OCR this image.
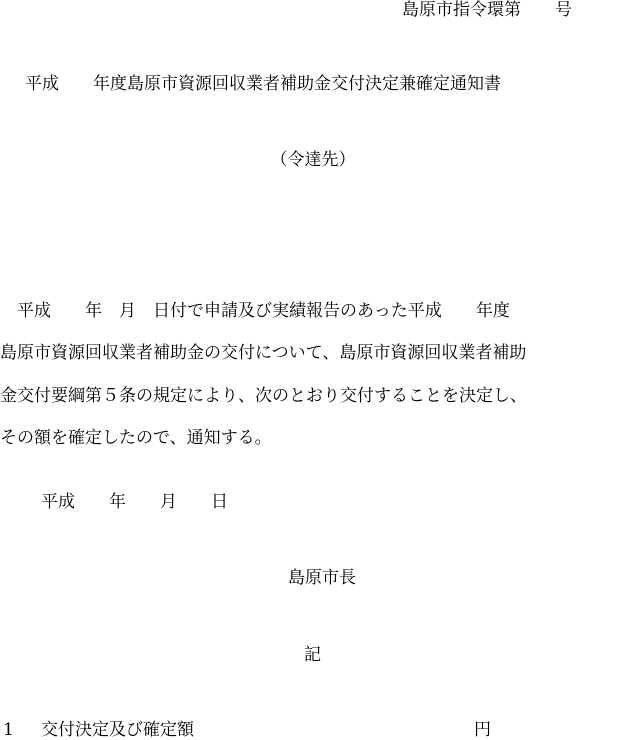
島原市指令環第　　号
平成　　年度島原市資源回収業者補助金交付決定兼確定通知書
（令達先）
　平成　　年　月　日付で申請及び実績報告のあった平成　　年度
島原市資源回収業者補助金の交付について、島原市資源回収業者補助
金交付要綱第５条の規定により、次のとおり交付することを決定し、
その額を確定したので、通知する。
平成　　年　　月　　日
島原市長
記
1 交付決定及び確定額	円
